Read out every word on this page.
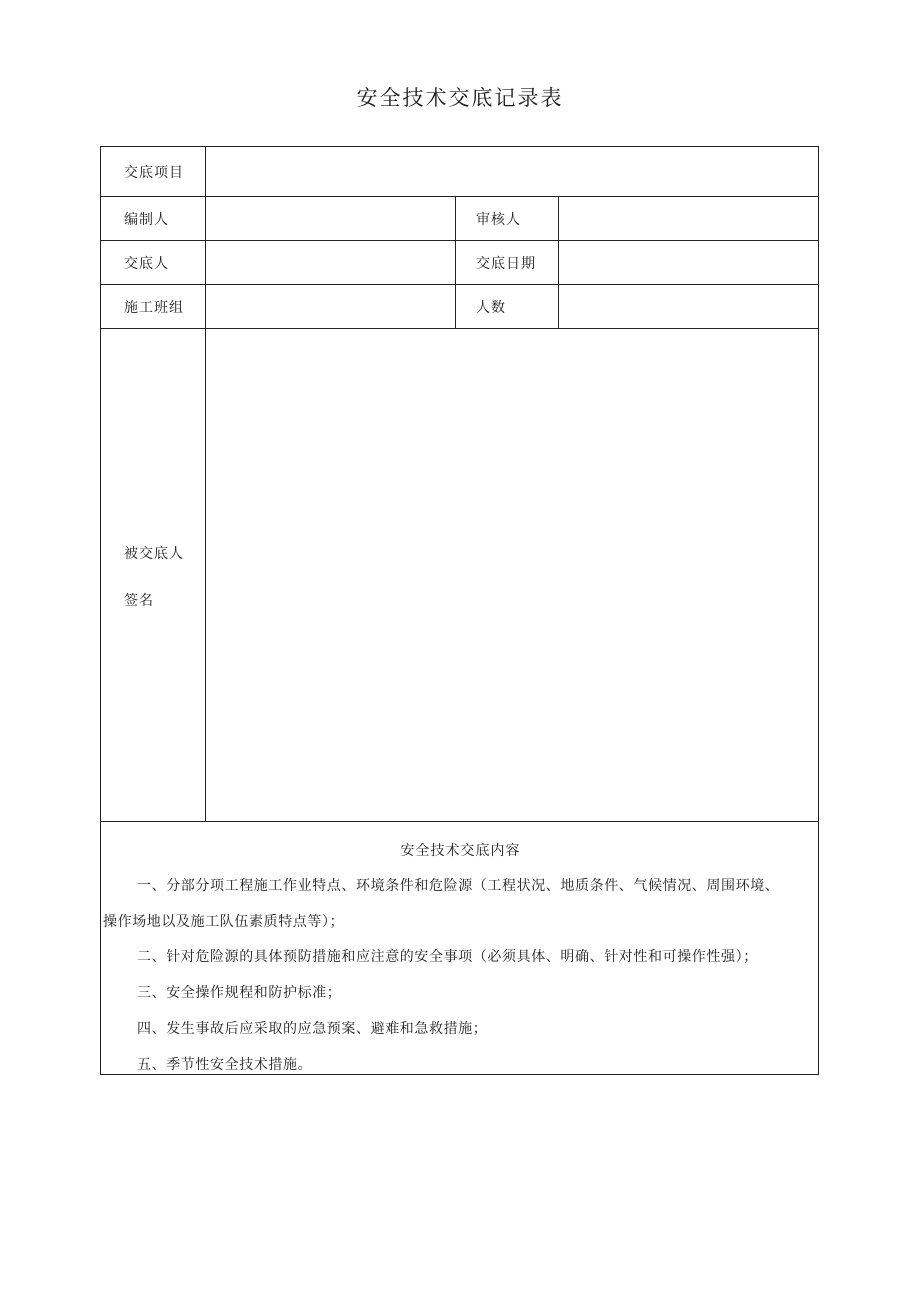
安全技术交底记录表
交底项目
编制人	审核人
交底人	交底日期
施工班组	人数
被交底人
签名
安全技术交底内容
一、分部分项工程施工作业特点、环境条件和危险源（工程状况、地质条件、气候情况、周围环境、
操作场地以及施工队伍素质特点等）；
二、针对危险源的具体预防措施和应注意的安全事项（必须具体、明确、针对性和可操作性强）；
三、安全操作规程和防护标准；
四、发生事故后应采取的应急预案、避难和急救措施；
五、季节性安全技术措施。
